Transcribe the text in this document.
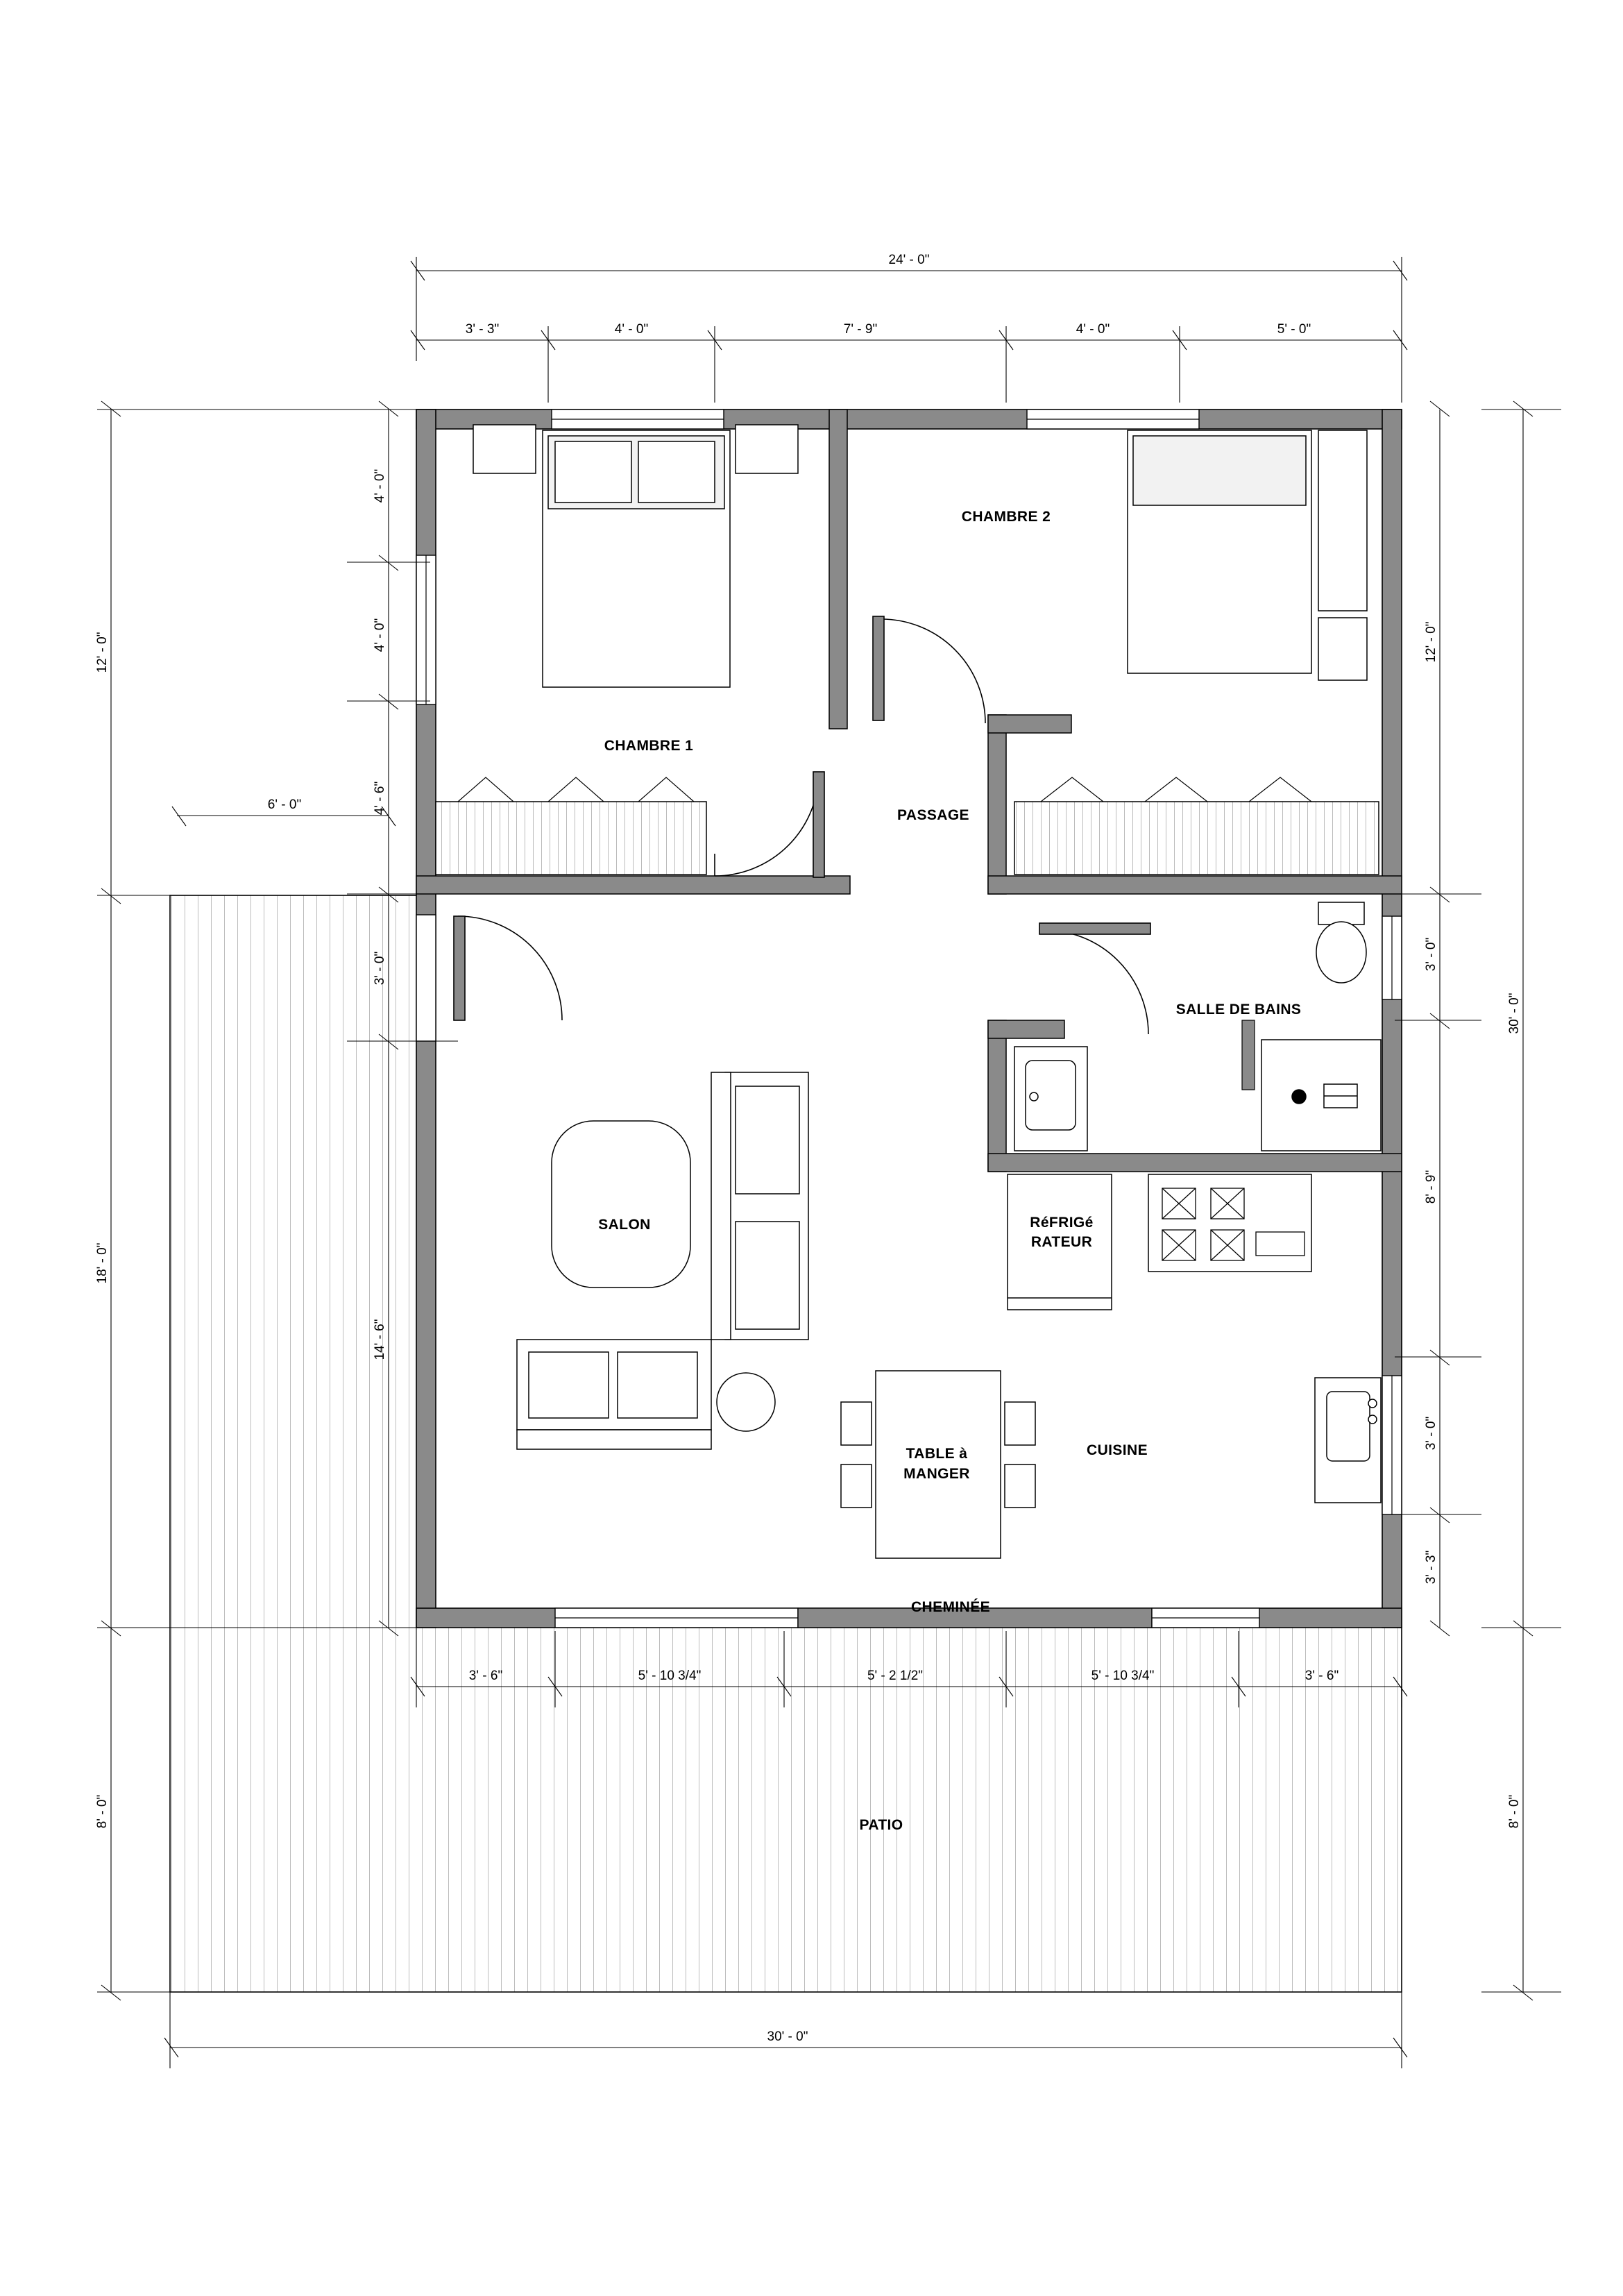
CHAMBRE 1
CHAMBRE 2
PASSAGE
SALLE DE BAINS
SALON
CUISINE
PATIO
RéFRIGé
RATEUR
TABLE à
MANGER
CHEMINÉE
24' - 0"
3' - 3"	4' - 0"	7' - 9"	4' - 0"	5' - 0"
3' - 6"	5' - 10 3/4"	5' - 2 1/2"	5' - 10 3/4"	3' - 6"
30' - 0"
12' - 0"
18' - 0"
8' - 0"
4' - 0"
4' - 0"
4' - 6"
3' - 0"
14' - 6"
6' - 0"
12' - 0"
3' - 0"
8' - 9"
3' - 0"
3' - 3"
30' - 0"
8' - 0"
